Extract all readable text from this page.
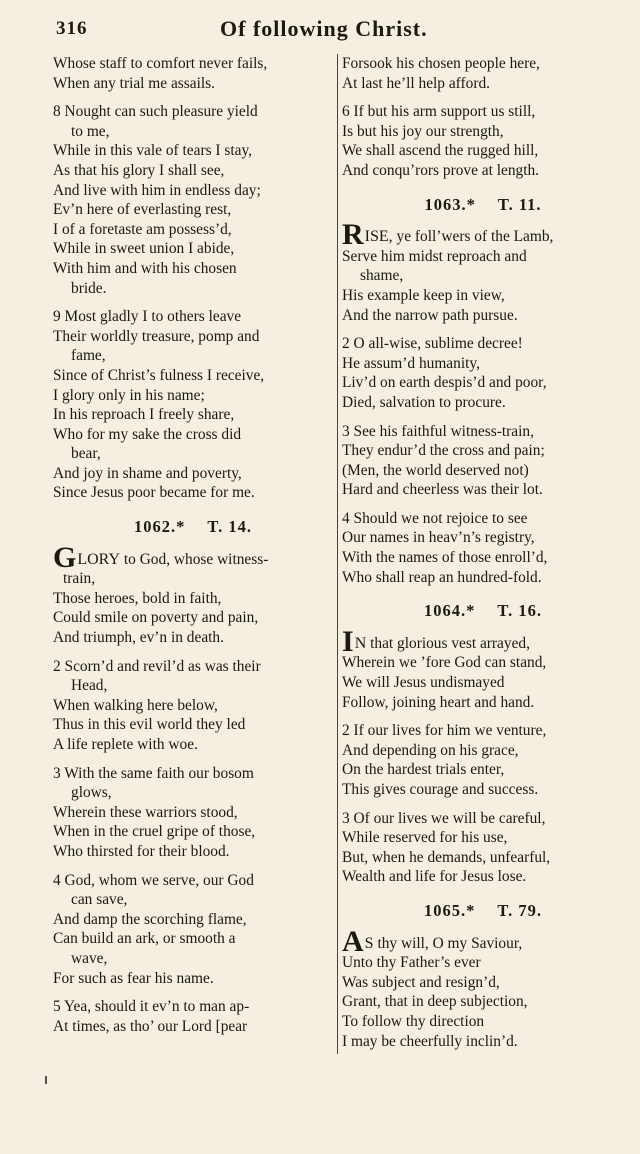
316	Of following Christ.
Whose staff to comfort never fails,
When any trial me assails.
8 Nought can such pleasure yield
to me,
While in this vale of tears I stay,
As that his glory I shall see,
And live with him in endless day;
Ev’n here of everlasting rest,
I of a foretaste am possess’d,
While in sweet union I abide,
With him and with his chosen
bride.
9 Most gladly I to others leave
Their worldly treasure, pomp and
fame,
Since of Christ’s fulness I receive,
I glory only in his name;
In his reproach I freely share,
Who for my sake the cross did
bear,
And joy in shame and poverty,
Since Jesus poor became for me.
1062.* T. 14.
GLORY to God, whose witness-
train,
Those heroes, bold in faith,
Could smile on poverty and pain,
And triumph, ev’n in death.
2 Scorn’d and revil’d as was their
Head,
When walking here below,
Thus in this evil world they led
A life replete with woe.
3 With the same faith our bosom
glows,
Wherein these warriors stood,
When in the cruel gripe of those,
Who thirsted for their blood.
4 God, whom we serve, our God
can save,
And damp the scorching flame,
Can build an ark, or smooth a
wave,
For such as fear his name.
5 Yea, should it ev’n to man ap-
At times, as tho’ our Lord [pear
Forsook his chosen people here,
At last he’ll help afford.
6 If but his arm support us still,
Is but his joy our strength,
We shall ascend the rugged hill,
And conqu’rors prove at length.
1063.* T. 11.
RISE, ye foll’wers of the Lamb,
Serve him midst reproach and
shame,
His example keep in view,
And the narrow path pursue.
2 O all-wise, sublime decree!
He assum’d humanity,
Liv’d on earth despis’d and poor,
Died, salvation to procure.
3 See his faithful witness-train,
They endur’d the cross and pain;
(Men, the world deserved not)
Hard and cheerless was their lot.
4 Should we not rejoice to see
Our names in heav’n’s registry,
With the names of those enroll’d,
Who shall reap an hundred-fold.
1064.* T. 16.
IN that glorious vest arrayed,
Wherein we ’fore God can stand,
We will Jesus undismayed
Follow, joining heart and hand.
2 If our lives for him we venture,
And depending on his grace,
On the hardest trials enter,
This gives courage and success.
3 Of our lives we will be careful,
While reserved for his use,
But, when he demands, unfearful,
Wealth and life for Jesus lose.
1065.* T. 79.
AS thy will, O my Saviour,
Unto thy Father’s ever
Was subject and resign’d,
Grant, that in deep subjection,
To follow thy direction
I may be cheerfully inclin’d.
